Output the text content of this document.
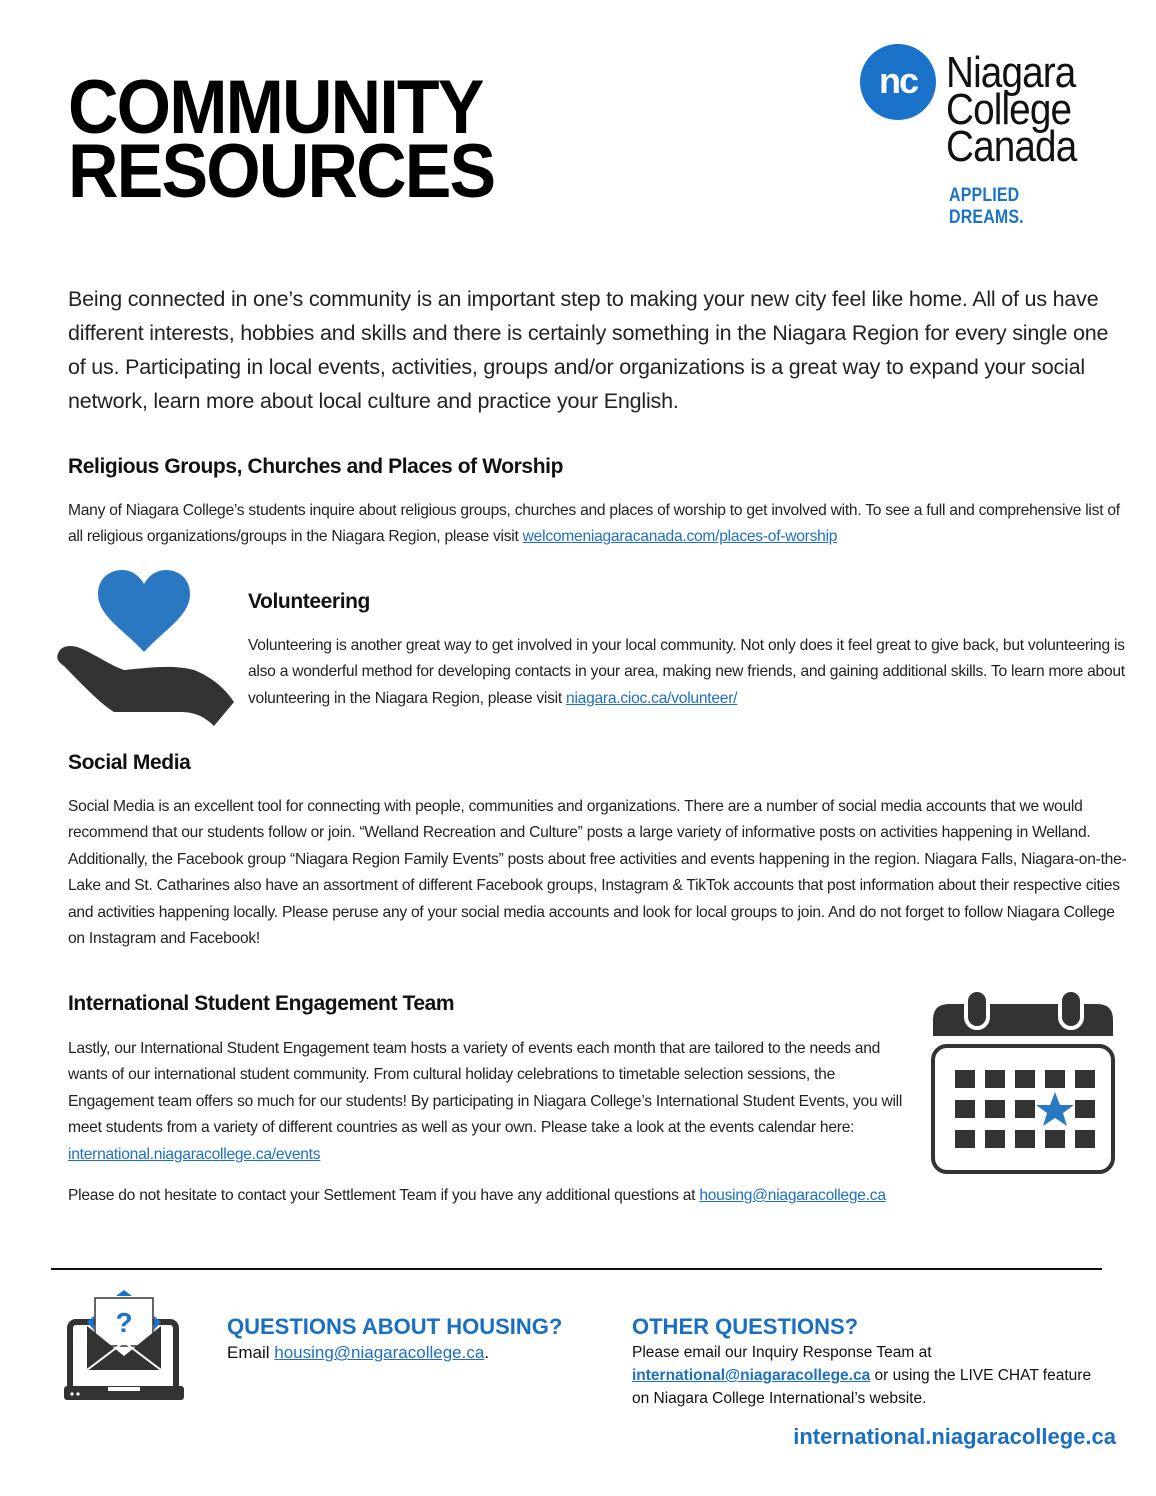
COMMUNITY
RESOURCES
nc Niagara
College
Canada
APPLIED DREAMS.

Being connected in one’s community is an important step to making your new city feel like home. All of us have different interests, hobbies and skills and there is certainly something in the Niagara Region for every single one of us. Participating in local events, activities, groups and/or organizations is a great way to expand your social network, learn more about local culture and practice your English.

Religious Groups, Churches and Places of Worship

Many of Niagara College’s students inquire about religious groups, churches and places of worship to get involved with. To see a full and comprehensive list of all religious organizations/groups in the Niagara Region, please visit welcomeniagaracanada.com/places-of-worship

Volunteering

Volunteering is another great way to get involved in your local community. Not only does it feel great to give back, but volunteering is also a wonderful method for developing contacts in your area, making new friends, and gaining additional skills. To learn more about volunteering in the Niagara Region, please visit niagara.cioc.ca/volunteer/

Social Media

Social Media is an excellent tool for connecting with people, communities and organizations. There are a number of social media accounts that we would recommend that our students follow or join. “Welland Recreation and Culture” posts a large variety of informative posts on activities happening in Welland. Additionally, the Facebook group “Niagara Region Family Events” posts about free activities and events happening in the region. Niagara Falls, Niagara-on-the-Lake and St. Catharines also have an assortment of different Facebook groups, Instagram & TikTok accounts that post information about their respective cities and activities happening locally. Please peruse any of your social media accounts and look for local groups to join. And do not forget to follow Niagara College on Instagram and Facebook!

International Student Engagement Team

Lastly, our International Student Engagement team hosts a variety of events each month that are tailored to the needs and wants of our international student community. From cultural holiday celebrations to timetable selection sessions, the Engagement team offers so much for our students! By participating in Niagara College’s International Student Events, you will meet students from a variety of different countries as well as your own. Please take a look at the events calendar here: international.niagaracollege.ca/events

Please do not hesitate to contact your Settlement Team if you have any additional questions at housing@niagaracollege.ca

?	QUESTIONS ABOUT HOUSING?

Email housing@niagaracollege.ca.

OTHER QUESTIONS?

Please email our Inquiry Response Team at
international@niagaracollege.ca or using the LIVE CHAT feature on Niagara College International’s website.

international.niagaracollege.ca
